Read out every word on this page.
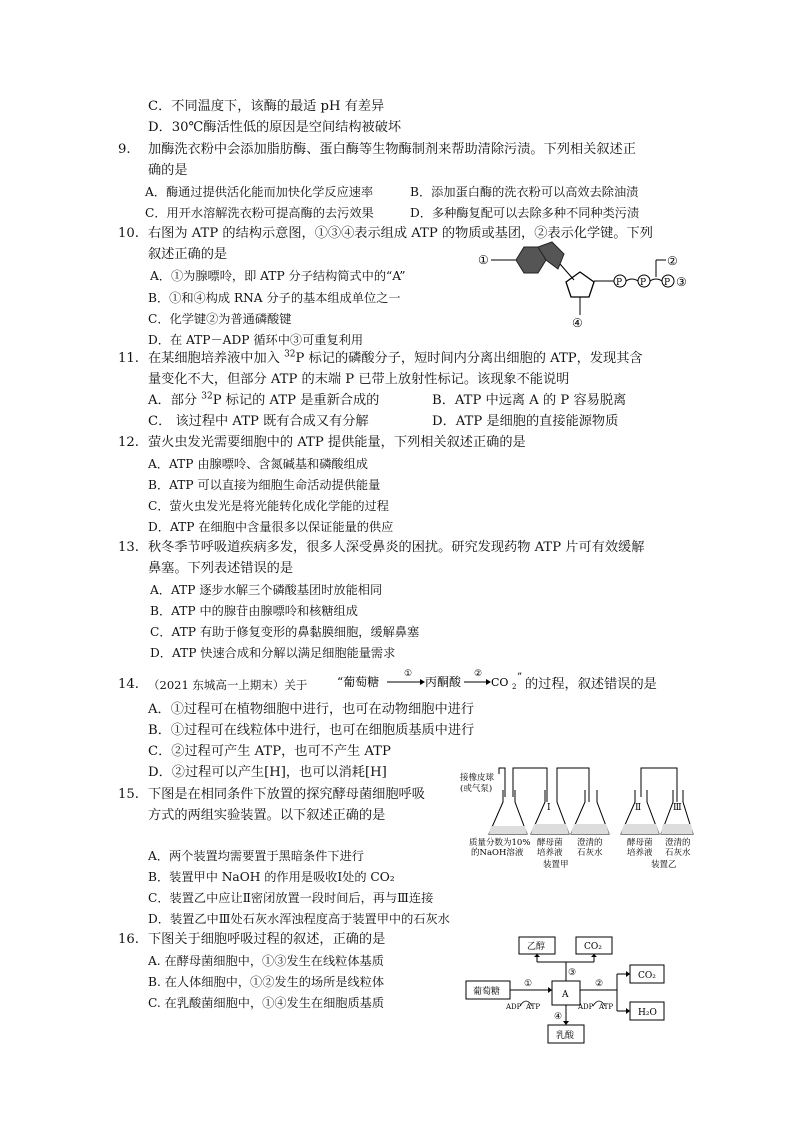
C．不同温度下，该酶的最适 pH 有差异
D．30℃酶活性低的原因是空间结构被破坏
9. 加酶洗衣粉中会添加脂肪酶、蛋白酶等生物酶制剂来帮助清除污渍。下列相关叙述正
确的是
A．酶通过提供活化能而加快化学反应速率	B．添加蛋白酶的洗衣粉可以高效去除油渍
C．用开水溶解洗衣粉可提高酶的去污效果	D．多种酶复配可以去除多种不同种类污渍
10. 右图为 ATP 的结构示意图，①③④表示组成 ATP 的物质或基团，②表示化学键。下列
叙述正确的是
A．①为腺嘌呤，即 ATP 分子结构简式中的“A”
B．①和④构成 RNA 分子的基本组成单位之一
C．化学键②为普通磷酸键
D．在 ATP－ADP 循环中③可重复利用
①
④
P P P
②
③
11. 在某细胞培养液中加入 $^{32}$P 标记的磷酸分子，短时间内分离出细胞的 ATP，发现其含
量变化不大，但部分 ATP 的末端 P 已带上放射性标记。该现象不能说明
A．部分 $^{32}$P 标记的 ATP 是重新合成的	B．ATP 中远离 A 的 P 容易脱离
C． 该过程中 ATP 既有合成又有分解	D．ATP 是细胞的直接能源物质
12. 萤火虫发光需要细胞中的 ATP 提供能量，下列相关叙述正确的是
A．ATP 由腺嘌呤、含氮碱基和磷酸组成
B．ATP 可以直接为细胞生命活动提供能量
C．萤火虫发光是将光能转化成化学能的过程
D．ATP 在细胞中含量很多以保证能量的供应
13. 秋冬季节呼吸道疾病多发，很多人深受鼻炎的困扰。研究发现药物 ATP 片可有效缓解
鼻塞。下列表述错误的是
A．ATP 逐步水解三个磷酸基团时放能相同
B．ATP 中的腺苷由腺嘌呤和核糖组成
C．ATP 有助于修复变形的鼻黏膜细胞，缓解鼻塞
D．ATP 快速合成和分解以满足细胞能量需求
14. （2021 东城高一上期末）关于 “葡萄糖
①
丙酮酸
②
CO 2
” 的过程，叙述错误的是
A．①过程可在植物细胞中进行，也可在动物细胞中进行
B．①过程可在线粒体中进行，也可在细胞质基质中进行
C．②过程可产生 ATP，也可不产生 ATP
D．②过程可以产生[H]，也可以消耗[H]
15. 下图是在相同条件下放置的探究酵母菌细胞呼吸
方式的两组实验装置。以下叙述正确的是
A．两个装置均需要置于黑暗条件下进行
B．装置甲中 NaOH 的作用是吸收Ⅰ处的 CO₂
C．装置乙中应让Ⅱ密闭放置一段时间后，再与Ⅲ连接
D．装置乙中Ⅲ处石灰水浑浊程度高于装置甲中的石灰水
接橡皮球
(或气泵)
Ⅰ	Ⅱ	Ⅲ
质量分数为10%
的NaOH溶液
酵母菌
培养液
澄清的
石灰水
酵母菌
培养液
澄清的
石灰水
装置甲	装置乙
16. 下图关于细胞呼吸过程的叙述，正确的是
A. 在酵母菌细胞中，①③发生在线粒体基质
B. 在人体细胞中，①②发生的场所是线粒体
C. 在乳酸菌细胞中，①④发生在细胞质基质
乙醇	CO₂
③
葡萄糖	A
①
ADP ATP
②
ADP ATP
CO₂
H₂O
④
乳酸
